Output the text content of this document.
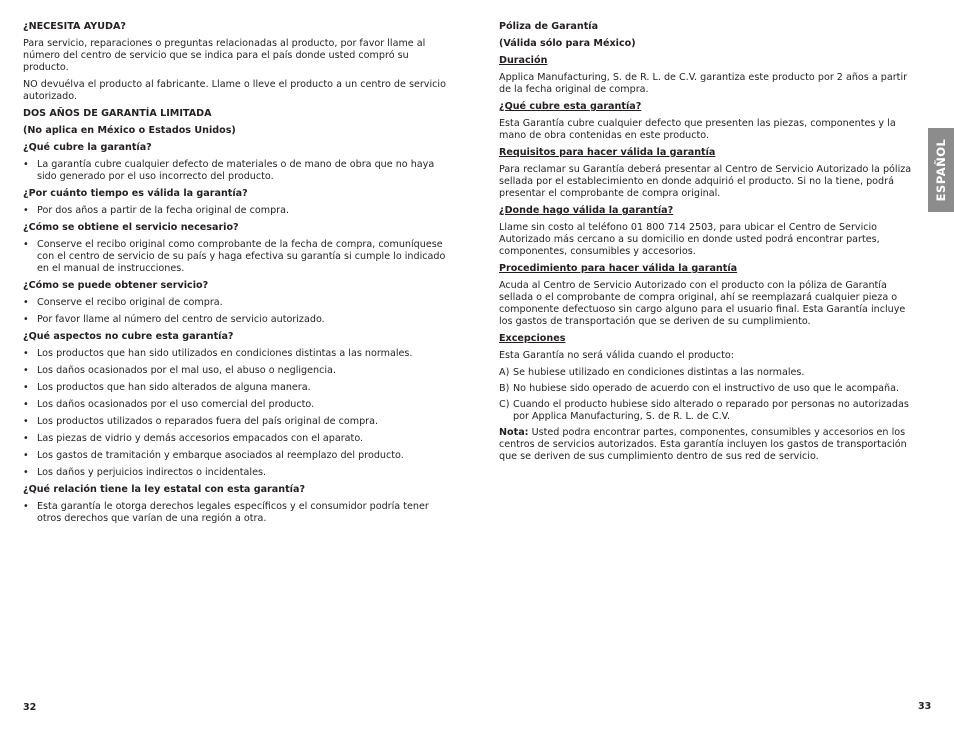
¿NECESITA AYUDA?
Para servicio, reparaciones o preguntas relacionadas al producto, por favor llame al número del centro de servicio que se indica para el país donde usted compró su producto.
NO devuélva el producto al fabricante. Llame o lleve el producto a un centro de servicio autorizado.
DOS AÑOS DE GARANTÍA LIMITADA
(No aplica en México o Estados Unidos)
¿Qué cubre la garantía?
• La garantía cubre cualquier defecto de materiales o de mano de obra que no haya sido generado por el uso incorrecto del producto.
¿Por cuánto tiempo es válida la garantía?
• Por dos años a partir de la fecha original de compra.
¿Cómo se obtiene el servicio necesario?
• Conserve el recibo original como comprobante de la fecha de compra, comuníquese con el centro de servicio de su país y haga efectiva su garantía si cumple lo indicado en el manual de instrucciones.
¿Cómo se puede obtener servicio?
• Conserve el recibo original de compra.
• Por favor llame al número del centro de servicio autorizado.
¿Qué aspectos no cubre esta garantía?
• Los productos que han sido utilizados en condiciones distintas a las normales.
• Los daños ocasionados por el mal uso, el abuso o negligencia.
• Los productos que han sido alterados de alguna manera.
• Los daños ocasionados por el uso comercial del producto.
• Los productos utilizados o reparados fuera del país original de compra.
• Las piezas de vidrio y demás accesorios empacados con el aparato.
• Los gastos de tramitación y embarque asociados al reemplazo del producto.
• Los daños y perjuicios indirectos o incidentales.
¿Qué relación tiene la ley estatal con esta garantía?
• Esta garantía le otorga derechos legales específicos y el consumidor podría tener otros derechos que varían de una región a otra.
Póliza de Garantía
(Válida sólo para México)
Duración
Applica Manufacturing, S. de R. L. de C.V. garantiza este producto por 2 años a partir de la fecha original de compra.
¿Qué cubre esta garantía?
Esta Garantía cubre cualquier defecto que presenten las piezas, componentes y la mano de obra contenidas en este producto.
Requisitos para hacer válida la garantía
Para reclamar su Garantía deberá presentar al Centro de Servicio Autorizado la póliza sellada por el establecimiento en donde adquirió el producto. Si no la tiene, podrá presentar el comprobante de compra original.
¿Donde hago válida la garantía?
Llame sin costo al teléfono 01 800 714 2503, para ubicar el Centro de Servicio Autorizado más cercano a su domicilio en donde usted podrá encontrar partes, componentes, consumibles y accesorios.
Procedimiento para hacer válida la garantía
Acuda al Centro de Servicio Autorizado con el producto con la póliza de Garantía sellada o el comprobante de compra original, ahí se reemplazará cualquier pieza o componente defectuoso sin cargo alguno para el usuario final. Esta Garantía incluye los gastos de transportación que se deriven de su cumplimiento.
Excepciones
Esta Garantía no será válida cuando el producto:
A) Se hubiese utilizado en condiciones distintas a las normales.
B) No hubiese sido operado de acuerdo con el instructivo de uso que le acompaña.
C) Cuando el producto hubiese sido alterado o reparado por personas no autorizadas por Applica Manufacturing, S. de R. L. de C.V.
Nota: Usted podra encontrar partes, componentes, consumibles y accesorios en los centros de servicios autorizados. Esta garantía incluyen los gastos de transportación que se deriven de sus cumplimiento dentro de sus red de servicio.
ESPAÑOL
32	33
